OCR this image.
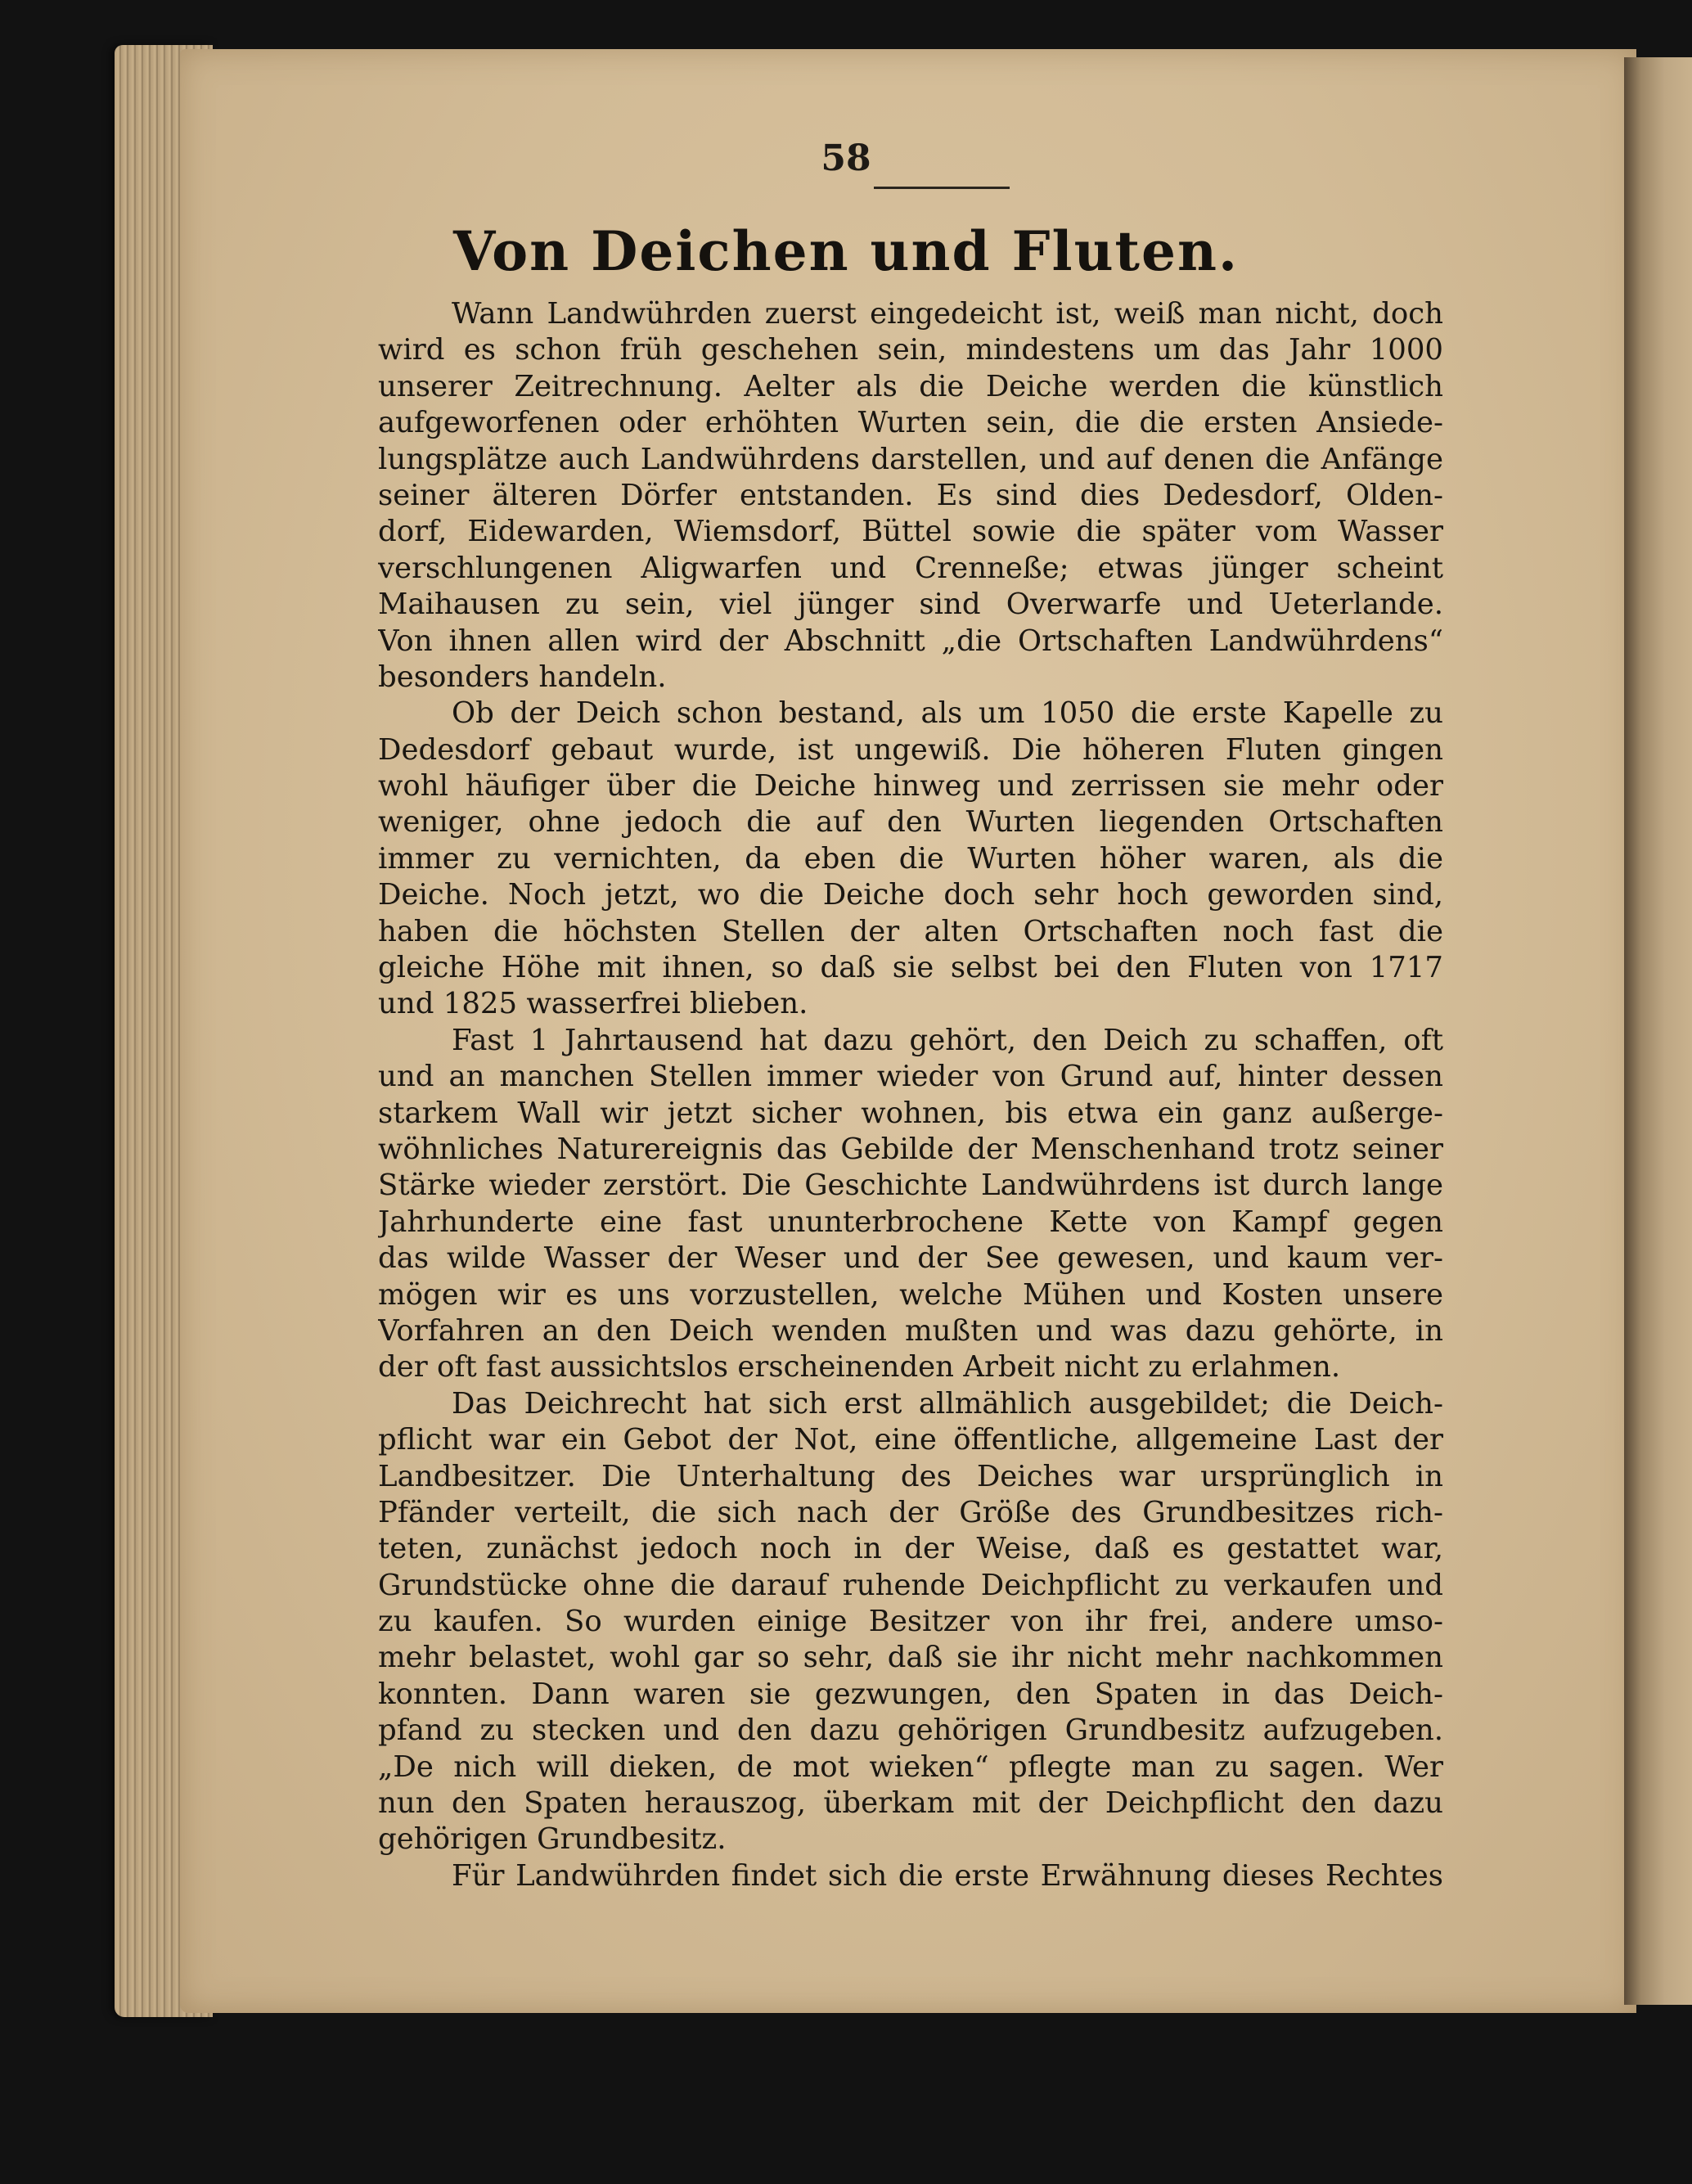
58
Von Deichen und Fluten.
Wann Landwührden zuerst eingedeicht ist, weiß man nicht, doch
wird es schon früh geschehen sein, mindestens um das Jahr 1000
unserer Zeitrechnung. Aelter als die Deiche werden die künstlich
aufgeworfenen oder erhöhten Wurten sein, die die ersten Ansiede-
lungsplätze auch Landwührdens darstellen, und auf denen die Anfänge
seiner älteren Dörfer entstanden. Es sind dies Dedesdorf, Olden-
dorf, Eidewarden, Wiemsdorf, Büttel sowie die später vom Wasser
verschlungenen Aligwarfen und Crenneße; etwas jünger scheint
Maihausen zu sein, viel jünger sind Overwarfe und Ueterlande.
Von ihnen allen wird der Abschnitt „die Ortschaften Landwührdens“
besonders handeln.
Ob der Deich schon bestand, als um 1050 die erste Kapelle zu
Dedesdorf gebaut wurde, ist ungewiß. Die höheren Fluten gingen
wohl häufiger über die Deiche hinweg und zerrissen sie mehr oder
weniger, ohne jedoch die auf den Wurten liegenden Ortschaften
immer zu vernichten, da eben die Wurten höher waren, als die
Deiche. Noch jetzt, wo die Deiche doch sehr hoch geworden sind,
haben die höchsten Stellen der alten Ortschaften noch fast die
gleiche Höhe mit ihnen, so daß sie selbst bei den Fluten von 1717
und 1825 wasserfrei blieben.
Fast 1 Jahrtausend hat dazu gehört, den Deich zu schaffen, oft
und an manchen Stellen immer wieder von Grund auf, hinter dessen
starkem Wall wir jetzt sicher wohnen, bis etwa ein ganz außerge-
wöhnliches Naturereignis das Gebilde der Menschenhand trotz seiner
Stärke wieder zerstört. Die Geschichte Landwührdens ist durch lange
Jahrhunderte eine fast ununterbrochene Kette von Kampf gegen
das wilde Wasser der Weser und der See gewesen, und kaum ver-
mögen wir es uns vorzustellen, welche Mühen und Kosten unsere
Vorfahren an den Deich wenden mußten und was dazu gehörte, in
der oft fast aussichtslos erscheinenden Arbeit nicht zu erlahmen.
Das Deichrecht hat sich erst allmählich ausgebildet; die Deich-
pflicht war ein Gebot der Not, eine öffentliche, allgemeine Last der
Landbesitzer. Die Unterhaltung des Deiches war ursprünglich in
Pfänder verteilt, die sich nach der Größe des Grundbesitzes rich-
teten, zunächst jedoch noch in der Weise, daß es gestattet war,
Grundstücke ohne die darauf ruhende Deichpflicht zu verkaufen und
zu kaufen. So wurden einige Besitzer von ihr frei, andere umso-
mehr belastet, wohl gar so sehr, daß sie ihr nicht mehr nachkommen
konnten. Dann waren sie gezwungen, den Spaten in das Deich-
pfand zu stecken und den dazu gehörigen Grundbesitz aufzugeben.
„De nich will dieken, de mot wieken“ pflegte man zu sagen. Wer
nun den Spaten herauszog, überkam mit der Deichpflicht den dazu
gehörigen Grundbesitz.
Für Landwührden findet sich die erste Erwähnung dieses Rechtes
